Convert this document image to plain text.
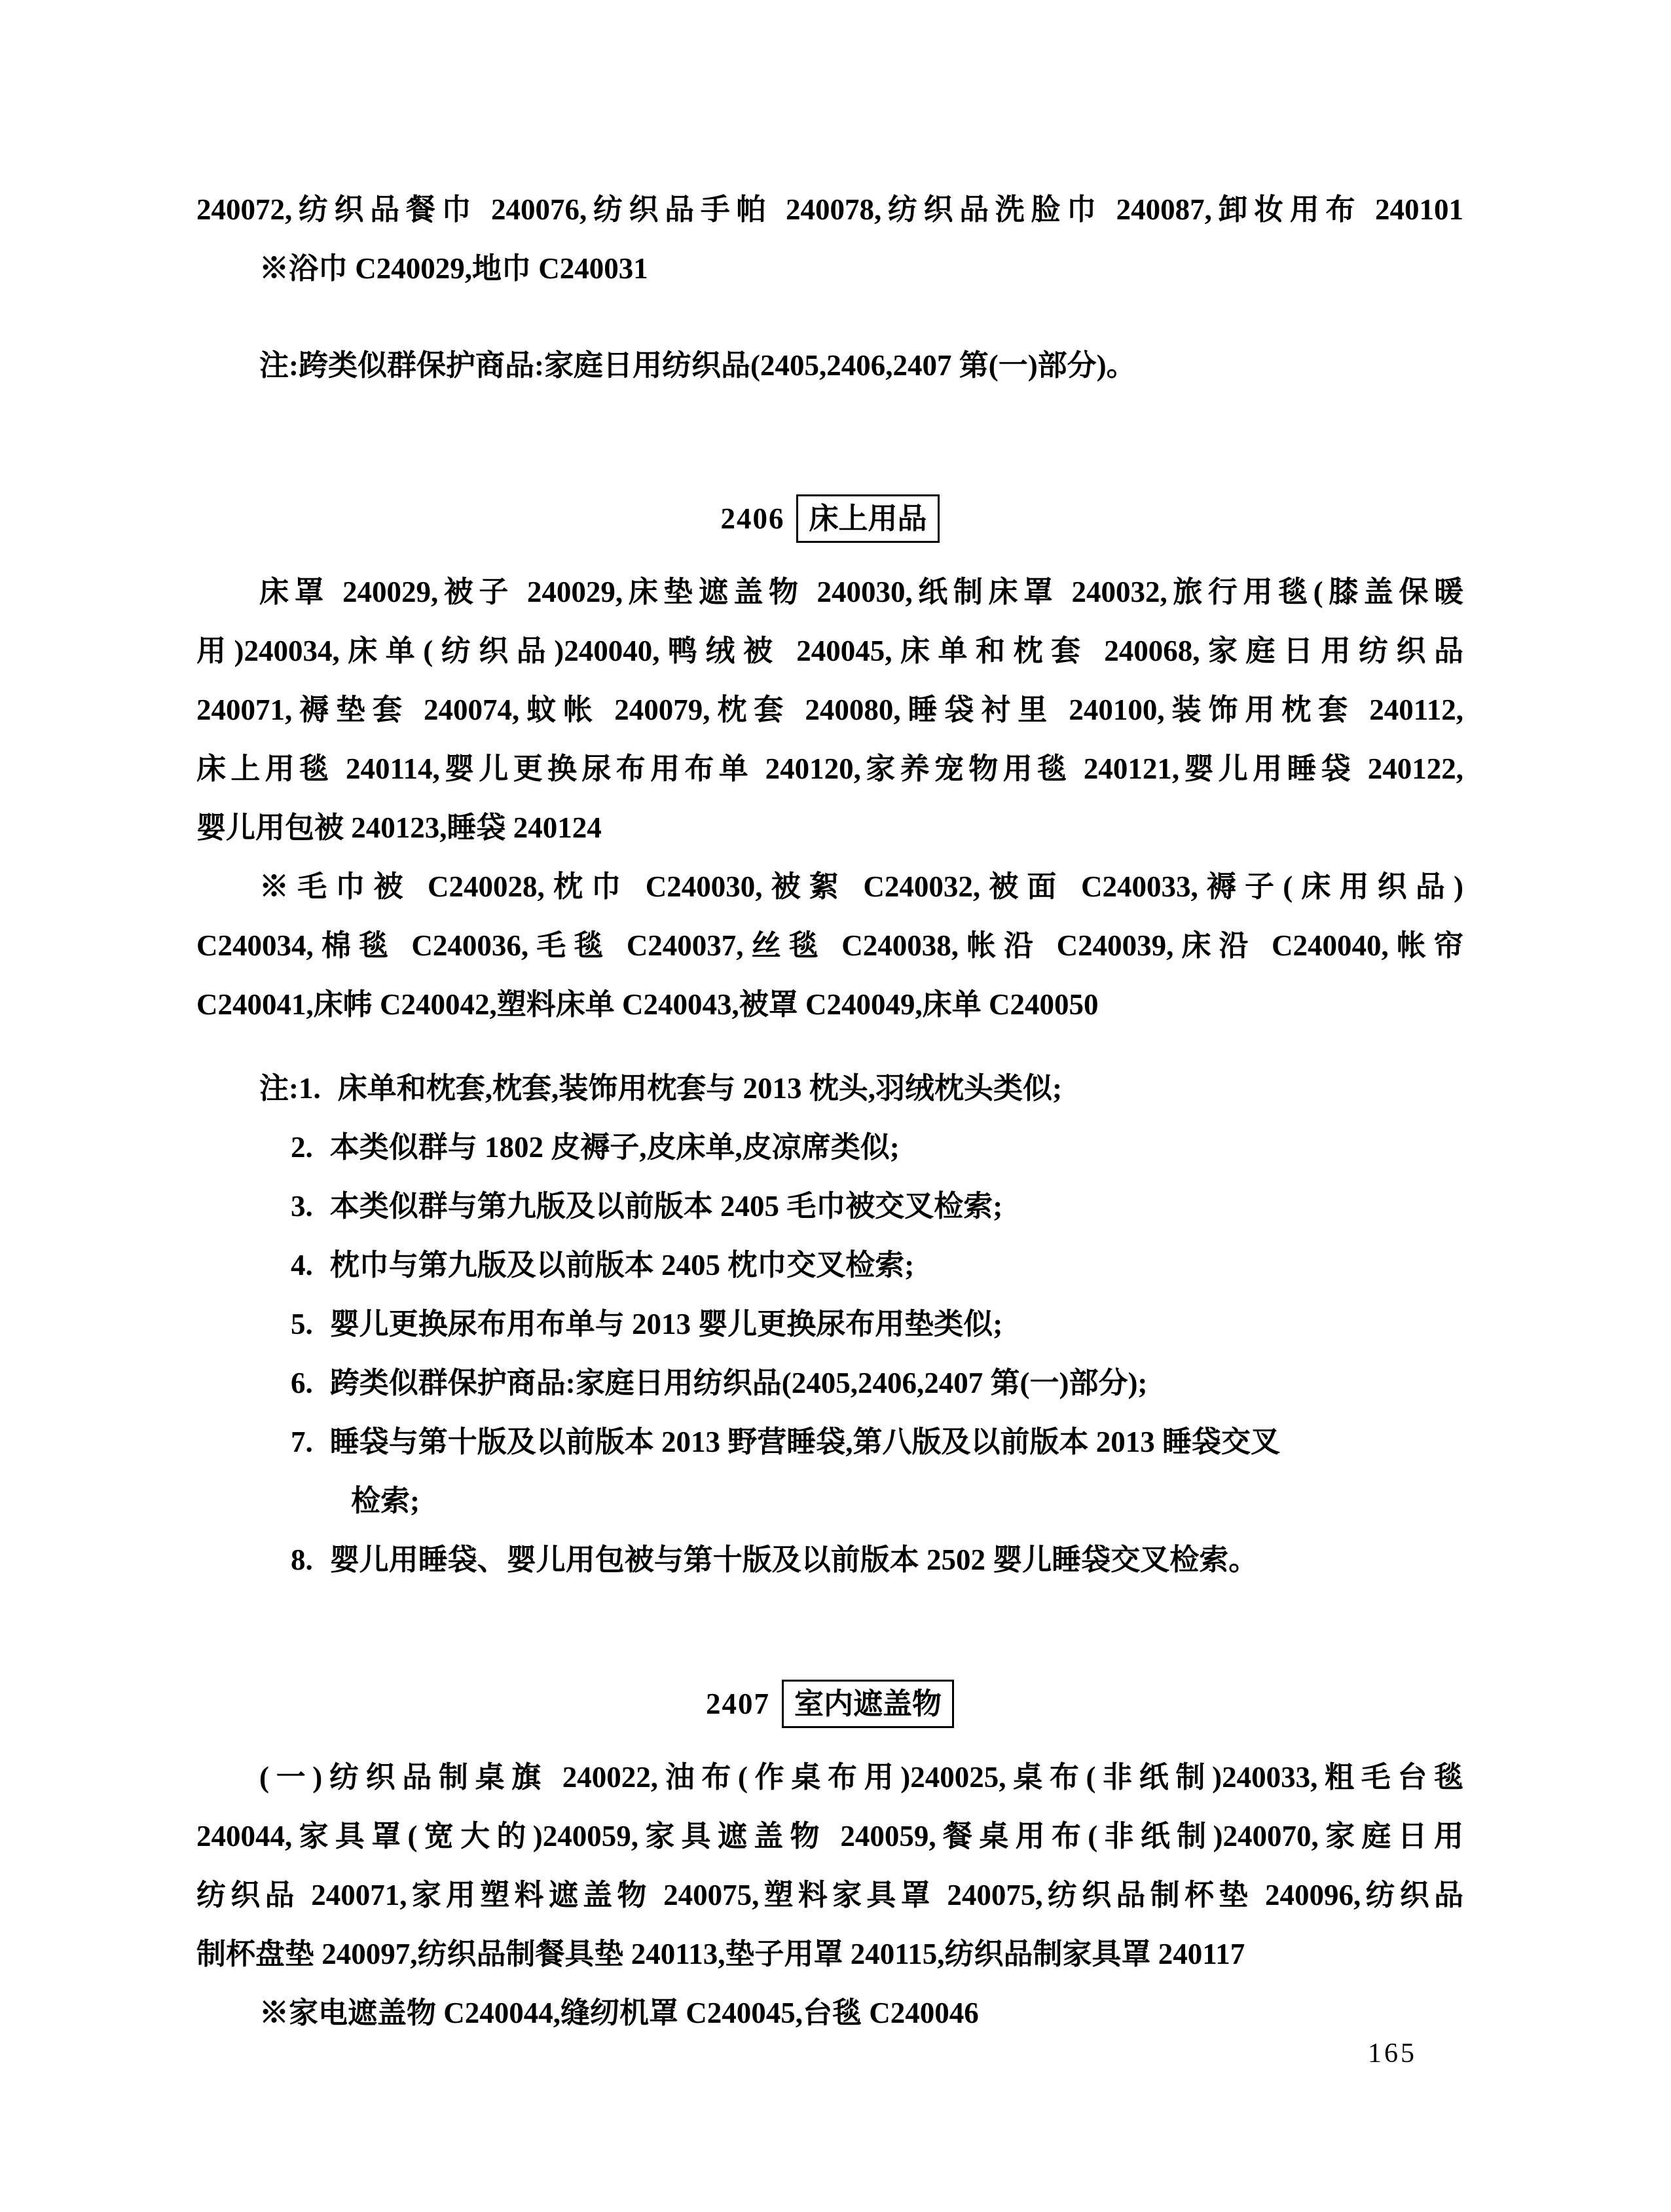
240072,纺织品餐巾 240076,纺织品手帕 240078,纺织品洗脸巾 240087,卸妆用布 240101
※浴巾 C240029,地巾 C240031
注:跨类似群保护商品:家庭日用纺织品(2405,2406,2407 第(一)部分)。
2406 床上用品
床罩 240029,被子 240029,床垫遮盖物 240030,纸制床罩 240032,旅行用毯(膝盖保暖
用)240034,床单(纺织品)240040,鸭绒被 240045,床单和枕套 240068,家庭日用纺织品
240071,褥垫套 240074,蚊帐 240079,枕套 240080,睡袋衬里 240100,装饰用枕套 240112,
床上用毯 240114,婴儿更换尿布用布单 240120,家养宠物用毯 240121,婴儿用睡袋 240122,
婴儿用包被 240123,睡袋 240124
※毛巾被 C240028,枕巾 C240030,被絮 C240032,被面 C240033,褥子(床用织品)
C240034,棉毯 C240036,毛毯 C240037,丝毯 C240038,帐沿 C240039,床沿 C240040,帐帘
C240041,床帏 C240042,塑料床单 C240043,被罩 C240049,床单 C240050
注:1. 床单和枕套,枕套,装饰用枕套与 2013 枕头,羽绒枕头类似;
2. 本类似群与 1802 皮褥子,皮床单,皮凉席类似;
3. 本类似群与第九版及以前版本 2405 毛巾被交叉检索;
4. 枕巾与第九版及以前版本 2405 枕巾交叉检索;
5. 婴儿更换尿布用布单与 2013 婴儿更换尿布用垫类似;
6. 跨类似群保护商品:家庭日用纺织品(2405,2406,2407 第(一)部分);
7. 睡袋与第十版及以前版本 2013 野营睡袋,第八版及以前版本 2013 睡袋交叉
检索;
8. 婴儿用睡袋、婴儿用包被与第十版及以前版本 2502 婴儿睡袋交叉检索。
2407 室内遮盖物
(一)纺织品制桌旗 240022,油布(作桌布用)240025,桌布(非纸制)240033,粗毛台毯
240044,家具罩(宽大的)240059,家具遮盖物 240059,餐桌用布(非纸制)240070,家庭日用
纺织品 240071,家用塑料遮盖物 240075,塑料家具罩 240075,纺织品制杯垫 240096,纺织品
制杯盘垫 240097,纺织品制餐具垫 240113,垫子用罩 240115,纺织品制家具罩 240117
※家电遮盖物 C240044,缝纫机罩 C240045,台毯 C240046
165
